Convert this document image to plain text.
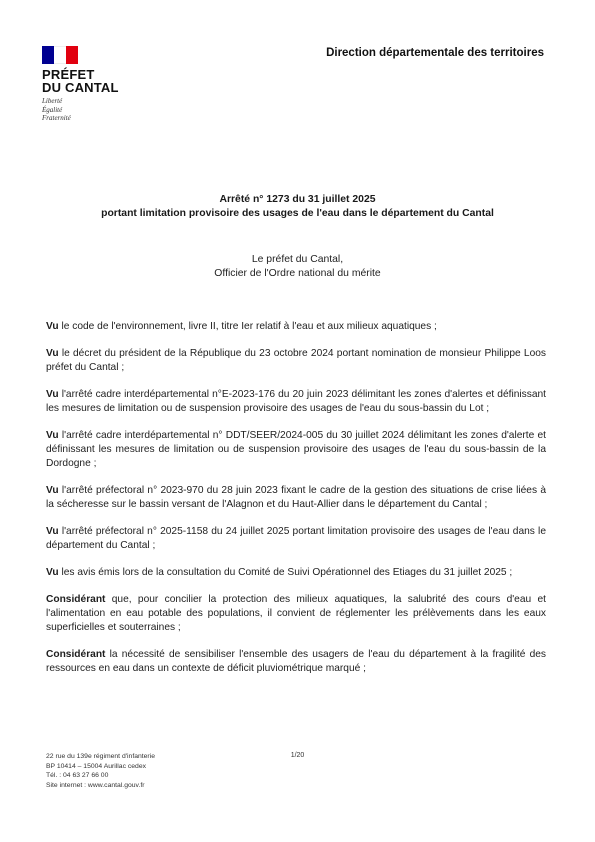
PRÉFET
DU CANTAL
Liberté
Égalité
Fraternité
Direction départementale des territoires
Arrêté n° 1273 du 31 juillet 2025
portant limitation provisoire des usages de l'eau dans le département du Cantal
Le préfet du Cantal,
Officier de l'Ordre national du mérite

Vu le code de l'environnement, livre II, titre Ier relatif à l'eau et aux milieux aquatiques ;

Vu le décret du président de la République du 23 octobre 2024 portant nomination de monsieur Philippe Loos préfet du Cantal ;

Vu l'arrêté cadre interdépartemental n°E-2023-176 du 20 juin 2023 délimitant les zones d'alertes et définissant les mesures de limitation ou de suspension provisoire des usages de l'eau du sous-bassin du Lot ;

Vu l'arrêté cadre interdépartemental n° DDT/SEER/2024-005 du 30 juillet 2024 délimitant les zones d'alerte et définissant les mesures de limitation ou de suspension provisoire des usages de l'eau du sous-bassin de la Dordogne ;

Vu l'arrêté préfectoral n° 2023-970 du 28 juin 2023 fixant le cadre de la gestion des situations de crise liées à la sécheresse sur le bassin versant de l'Alagnon et du Haut-Allier dans le département du Cantal ;

Vu l'arrêté préfectoral n° 2025-1158 du 24 juillet 2025 portant limitation provisoire des usages de l'eau dans le département du Cantal ;

Vu les avis émis lors de la consultation du Comité de Suivi Opérationnel des Etiages du 31 juillet 2025 ;

Considérant que, pour concilier la protection des milieux aquatiques, la salubrité des cours d'eau et l'alimentation en eau potable des populations, il convient de réglementer les prélèvements dans les eaux superficielles et souterraines ;

Considérant la nécessité de sensibiliser l'ensemble des usagers de l'eau du département à la fragilité des ressources en eau dans un contexte de déficit pluviométrique marqué ;

22 rue du 139e régiment d'infanterie
BP 10414 – 15004 Aurillac cedex
Tél. : 04 63 27 66 00
Site internet : www.cantal.gouv.fr
1/20
